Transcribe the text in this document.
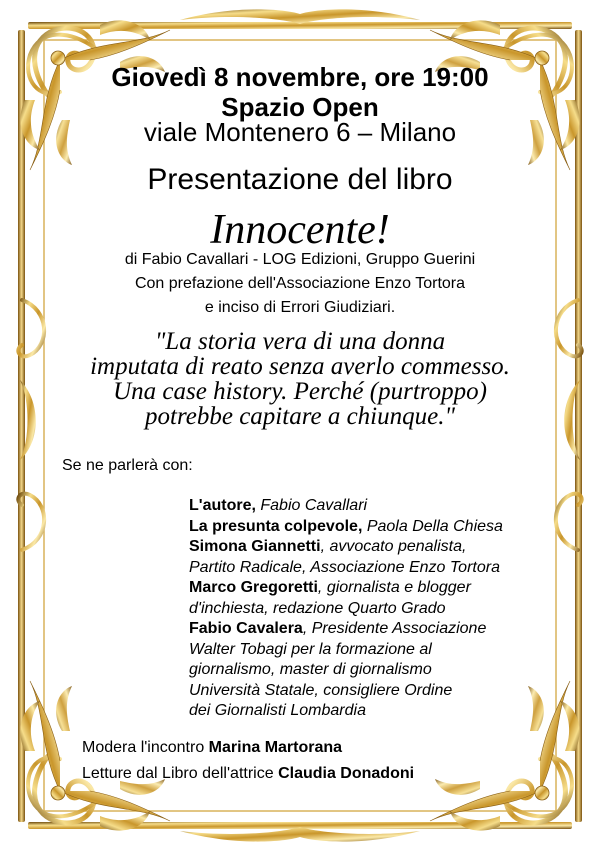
Giovedì 8 novembre, ore 19:00
Spazio Open
viale Montenero 6 – Milano
Presentazione del libro
Innocente!
di Fabio Cavallari - LOG Edizioni, Gruppo Guerini
Con prefazione dell'Associazione Enzo Tortora
e inciso di Errori Giudiziari.
"La storia vera di una donna
imputata di reato senza averlo commesso.
Una case history. Perché (purtroppo)
potrebbe capitare a chiunque."
Se ne parlerà con:
L'autore, Fabio Cavallari
La presunta colpevole, Paola Della Chiesa
Simona Giannetti, avvocato penalista,
Partito Radicale, Associazione Enzo Tortora
Marco Gregoretti, giornalista e blogger
d'inchiesta, redazione Quarto Grado
Fabio Cavalera, Presidente Associazione
Walter Tobagi per la formazione al
giornalismo, master di giornalismo
Università Statale, consigliere Ordine
dei Giornalisti Lombardia
Modera l'incontro Marina Martorana
Letture dal Libro dell'attrice Claudia Donadoni
